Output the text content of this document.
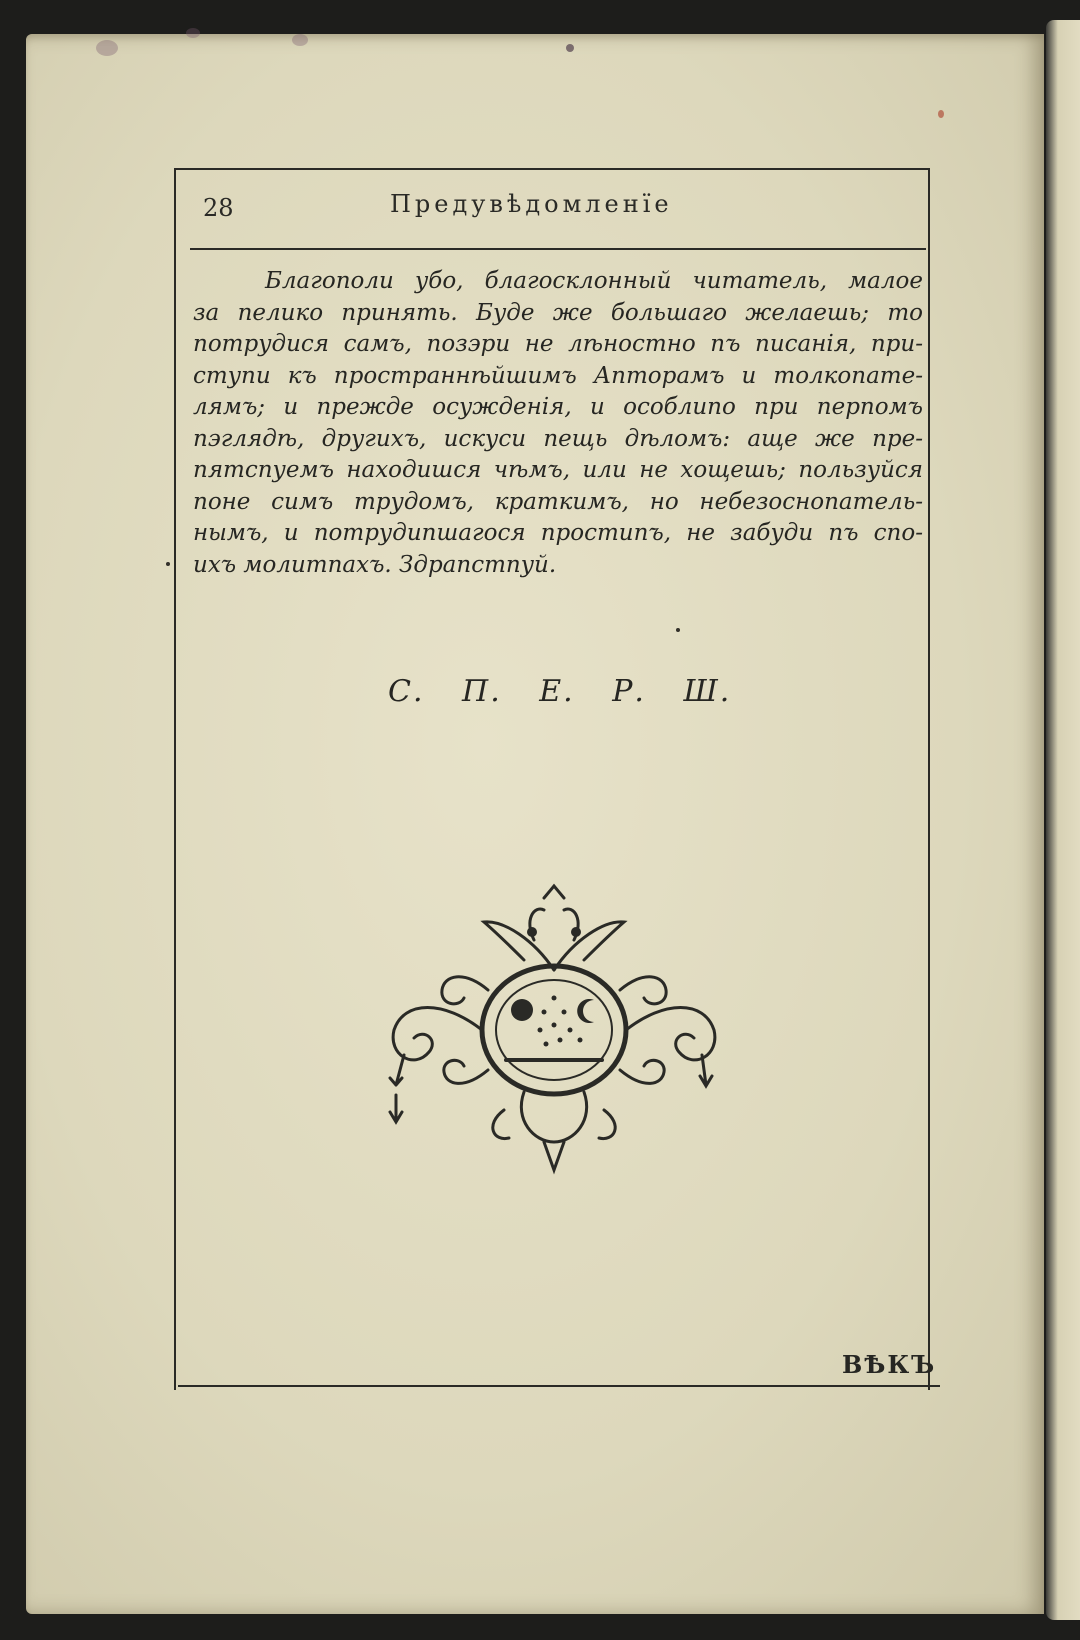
28	Предувѣдомленїе
Благополи убо, благосклонный читатель, малое
за пелико принять. Буде же большаго желаешь; то
потрудися самъ, позэри не лѣностно пъ писанія, при-
ступи къ пространнѣйшимъ Апторамъ и толкопате-
лямъ; и прежде осужденія, и особлипо при перпомъ
пэглядѣ, другихъ, искуси пещь дѣломъ: аще же пре-
пятспуемъ находишся чѣмъ, или не хощешь; пользуйся
поне симъ трудомъ, краткимъ, но небезоснопатель-
нымъ, и потрудипшагося простипъ, не забуди пъ спо-
ихъ молитпахъ. Здрапстпуй.
С. П. Е. Р. Ш.
ВѢКЪ
